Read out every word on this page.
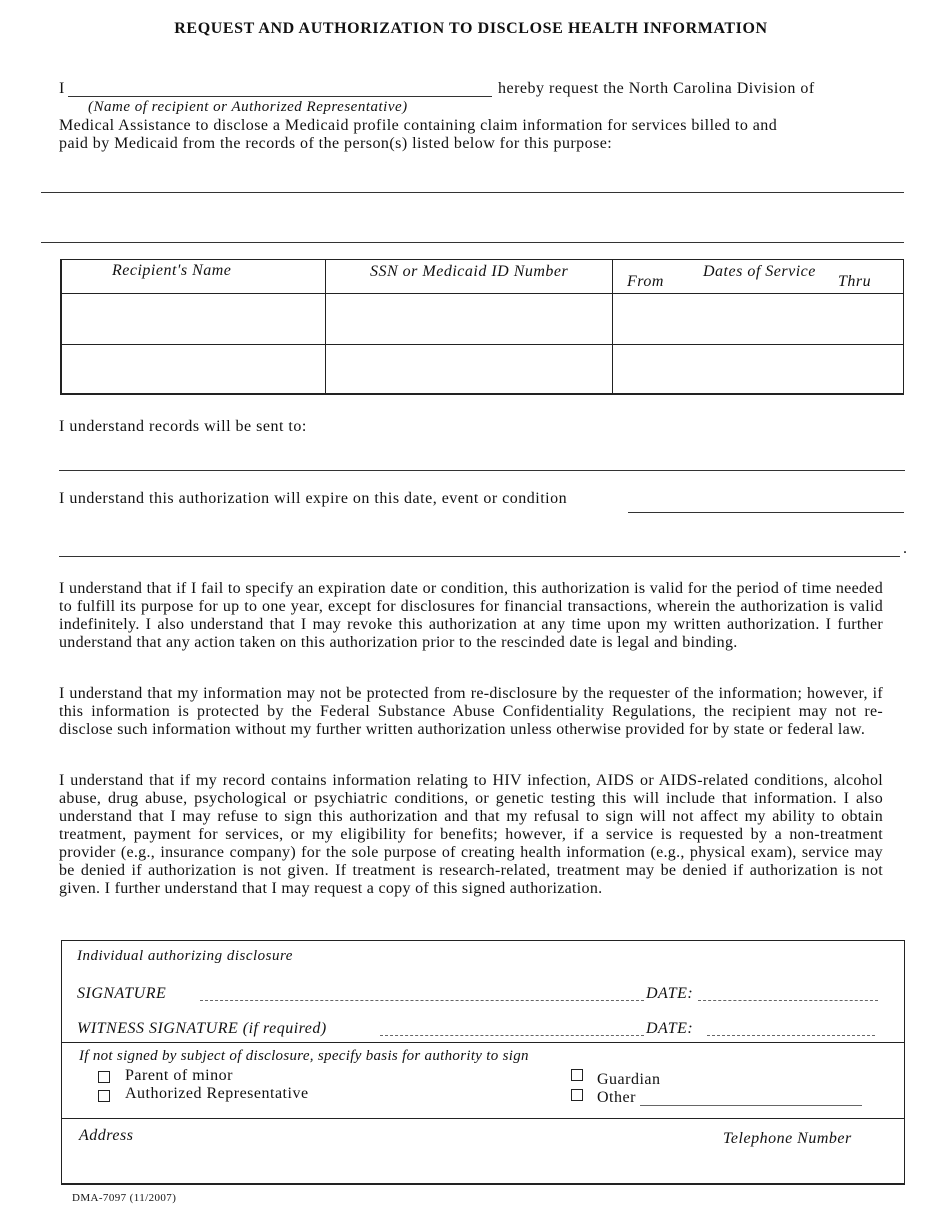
REQUEST AND AUTHORIZATION TO DISCLOSE HEALTH INFORMATION
I	hereby request the North Carolina Division of
(Name of recipient or Authorized Representative)
Medical Assistance to disclose a Medicaid profile containing claim information for services billed to and
paid by Medicaid from the records of the person(s) listed below for this purpose:
Recipient's Name	SSN or Medicaid ID Number	Dates of Service
From	Thru
I understand records will be sent to:
I understand this authorization will expire on this date, event or condition
.
I understand that if I fail to specify an expiration date or condition, this authorization is valid for the period of time needed to fulfill its purpose for up to one year, except for disclosures for financial transactions, wherein the authorization is valid indefinitely. I also understand that I may revoke this authorization at any time upon my written authorization. I further understand that any action taken on this authorization prior to the rescinded date is legal and binding.
I understand that my information may not be protected from re-disclosure by the requester of the information; however, if this information is protected by the Federal Substance Abuse Confidentiality Regulations, the recipient may not re-disclose such information without my further written authorization unless otherwise provided for by state or federal law.
I understand that if my record contains information relating to HIV infection, AIDS or AIDS-related conditions, alcohol abuse, drug abuse, psychological or psychiatric conditions, or genetic testing this will include that information. I also understand that I may refuse to sign this authorization and that my refusal to sign will not affect my ability to obtain treatment, payment for services, or my eligibility for benefits; however, if a service is requested by a non-treatment provider (e.g., insurance company) for the sole purpose of creating health information (e.g., physical exam), service may be denied if authorization is not given. If treatment is research-related, treatment may be denied if authorization is not given. I further understand that I may request a copy of this signed authorization.
Individual authorizing disclosure
SIGNATURE	DATE:
WITNESS SIGNATURE (if required)	DATE:
If not signed by subject of disclosure, specify basis for authority to sign
Parent of minor
Authorized Representative
Guardian
Other
Address	Telephone Number
DMA-7097 (11/2007)
